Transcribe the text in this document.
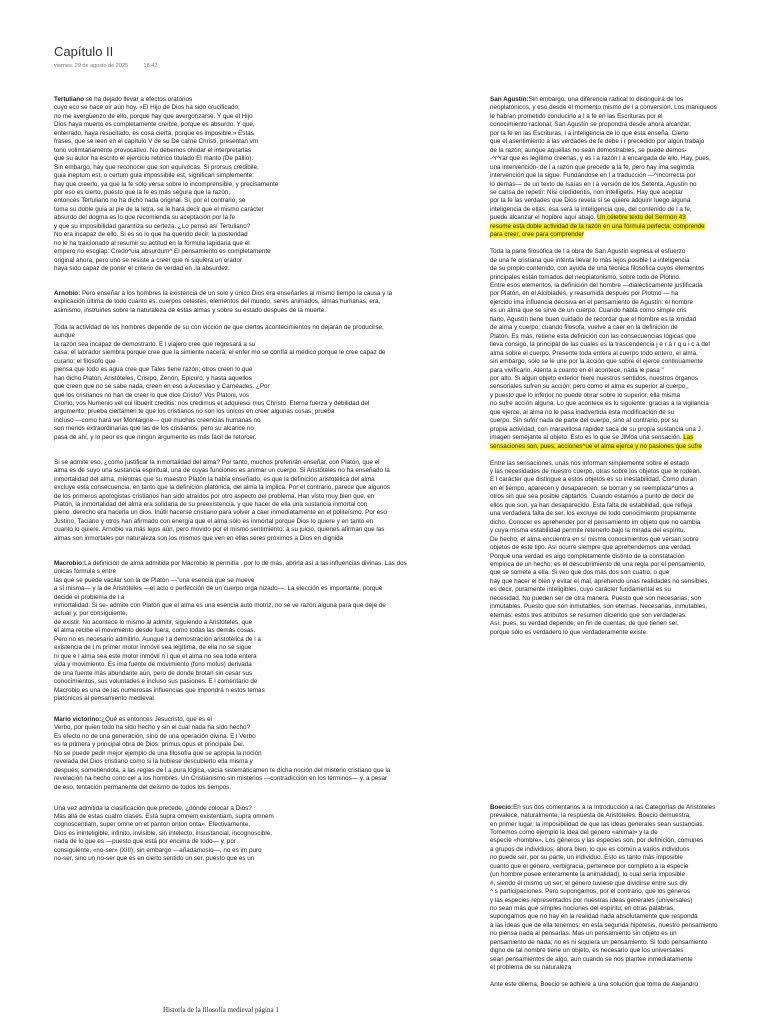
Capítulo II
viernes, 29 de agosto de 2025	18:42

Tertuliano se ha dejado llevar a efectos oratorios

cuyo eco se hace oír aún hoy. «El Hijo de Dios ha sido crucificado;

no me avergüenzo de ello, porque hay que avergonzarse. Y que el Hijo

Dios haya muerto es completamente creíble, porque es absurdo. Y que,

enterrado, haya resucitado, es cosa cierta, porque es imposible.» Estas

frases, que se leen en el capítulo V de su De carne Christi, presentan vm

tono volimtariamente provocativo. No debemos olvidar el interpretarlas

que su autor ha escrito el ejercicio retórico titulado El manto (De pallio).

Sin embargo, hay que reconocer que son equívocas. Si prorsus credibile,

guia ineptum est, o certum guia impossibile est, significan simplemente:

hay que creerlo, ya que la fe sólo versa sobre lo incomprensible, y precisamente

por eso es cierto, puesto que la fe es más segura que la razón,

entonces Tertuliano no ha dicho nada original. Si, por el contrario, se

toma su doble guia al pie de la letra, se le hará decir que el mismo carácter

absurdo del dogma es lo que recomienda su aceptación por la fe

y que su imposibilidad garantiza su certeza. ¿Lo pensó así Tertuliano?

No era incapaz de ello. Si es so lo que ha querido decir, la posteridad

no le ha traicionado al resumir su actitud en la fórmula lapidaria que él

empero no escglap: Credo^uia absurdum^ El pensamiento es completamente

original ahora, pero uno se resiste a creer que ni siquiera un orador

haya sido capaz de poner el criterio de verdad en .la absurdez.

Arnobio: Pero enseñar a los hombres la existencia de un solo y único Dios era enseñarles al mismo tiempo la causa y la

explicación última de todo cuanto es: cuerpos celestes, elementos del mundo, seres animados, almas humanas; era,

asimismo, instruirles sobre la naturaleza de estas almas y sobre su estado después de la muerte.

Toda la actividad de los hombres depende de su con vicción de que ciertos acontecimientos no dejarán de producirse,

aunque

la razón sea incapaz de demostrarlo. E l viajero cree que regresará a su

casa; el labrador siembra porque cree que la simiente nacerá; el enfer mo se confía al médico porque le cree capaz de

curarlo; el filósofo que

piensa que todo es agua cree que Tales tiene razón; otros creen lo que

han dicho Platón, Aristóteles, Crisipo, Zenón, Epicuro, y hasta aquellos

que creen que no se sabe nada, creen en eso a Arcesilao y Carnéades. ¿Por

qué los cristianos no han de creer lo que dice Cristo? Vos Platoni, vos

Cronio, vos Numenio vel cui libuerit creditis: nos credimus et adquiesci mus Christo. Eterna fuerza y debilidad del

argumento; prueba ciertamen te que los cristianos no son los únicos en creer algunas cosas; prueba

incluso —como hará ver Montaigne— que muchas creencias humanas no

son menos extraordinarias que las de los cristianos; pero su alcance no

pasa de ahí, y lo peor es que ningún argumento es más fácil de retorcer.

Si se admite eso, ¿cómo justificar la inmortalidad del alma? Por tanto, muchos preferirán enseñar, con Platón, que el

alma es de suyo una sustancia espiritual, una de cuyas funciones es animar un cuerpo. Si Aristóteles no ha enseñado la

inmortalidad del alma, mientras que su maestro Platón la había enseñado, es que la definición aristotélica del alma

excluye esta consecuencia, en tanto que la definición platónica, del alma la implica. Por el contrario, parece que algunos

de los primeros apologistas cristianos han sido atraídos por otro aspecto del problema. Han visto muy bien que, en

Platón, la inmortalidad del alma era solidaria de su preexistencia, y que hacer de ella una sustancia inmortal con

pleno .derecho era hacerla un dios. Inútil hacerse cristiano para volver a caer inmediatamente en el politeísmo. Por eso

Justino, Taciano y otros han afirmado con energía que el alma sólo es inmortal porque Dios lo quiere y en tanto en

cuanto lo quiere. Arnobio va más lejos aún, pero movido por el mismo sentimiento: a su juicio, quienes afirman que las

almas son inmortales por naturaleza son los mismos que ven en ellas seres próximos a Dios en dignida

Macrobio:La definición de alma admitida por Macrobio le permitía , por lo de más, abrirla así a las influencias divinas. Las dos

únicas fórmula s entre

las que se puede vacilar son la de Platón —"una esencia que se mueve

a sí misma— y la de Aristóteles —el acto o perfección de un cuerpo orga nizado—. La elección es importante, porque

decide el problema de l a

inmortalidad. Si se- admite con Platón que el alma es una esencia auto motriz, no se ve razón alguna para que deje de

actuar y, por consiguiente,

de existir. No acontece lo mismo al admitir, siguiendo a Aristóteles, que

el alma recibe el movimiento desde fuera, como todas las demás cosas.

Pero no es necesario admitirlo. Aunque l a demostración aristotélica de l a

existencia de l m primer motor inmóvil sea legítima, de ella no se sigue

ni que e l alma sea este motor inmóvil n i que el alma no sea toda entera

vida y movimiento. Es ima fuente de movimiento (fons motus) derivada

de una fuente más abundante aún, pero de donde brotan sin cesar sus

conocimientos, sus voluntades e incluso sus pasiones. E l comentario de

Macrobio es una de las numerosas influencias que impondrá n estos temas

platónicos al pensamiento medieval

Mario victorino:¿Qué es entonces Jesucristo, que es el

Verbo, por quien todo ha sido hecho y sin el cual nada ha sido hecho?

Es efecto no de una generación, sino de una operación divina. E l Verbo

es la primera y principal obra de Dios: primus opus et principale Dei.

No se puede pedir mejor ejemplo de una filosofía que se apropia la noción

revelada del Dios cristiano como si la hubiese descubierto ella misma y

después; sometiéndola, a las reglas de l a pura lógica, vacía sistemáticamen te dicha noción del misterio cristiano que la

revelación ha hecho cono cer a los hombres. Un Cristianismo sin misterios —contradicción en los términos— y, a pesar

de eso, tentación permanente del deísmo de todos los tiempos.

Una vez admitida la clasificación que precede, ¿dónde colocar a Dios?

Más allá de estas cuatro clases. Está supra omnem existentiam, supra omnem

cognoscentiam, super omne on et panton onton onta». Efectivamente,

Dios es ininteligible, infinito, invisible, sin intelecto, insustancial, incognoscible,

nada de lo que es —puesto que está por encima de todo— y, por

consiguiente, «no-ser» (XIII); sin embargo —añadámoslo—, no es im puro

no-ser, sino un no-ser que es en cierto sentido un ser, puesto que es un

San Agustín:Sin embargo, una diferencia radical lo distinguirá de los

neoplatónicos, y eso desde el momento mismo de l a conversión. Los maniqueos

le habían prometido conducirlo a l a fe en las Escrituras por el

conocimiento racional; San Agustín se propondrá desde ahora alcanzar,

por la fe en las Escrituras, l a inteligencia de lo que ésta enseña. Cierto

que el asentimiento a las verdades de fe debe i r precedido por algún trabajo

de la razón; aunque aquéllas no sean demostrables, se puede demos-

-^r^rar que es legítimo creerlas, y es l a razón l a encargada de ello. Hay, pues,

una intervención- de l a razón que precede a la fe, pero hay ima segimda

intervención que la sigue. Fundándose en l a traducción —^incorrecta por

lo demás— de un texto de Isaías en l a versión de los Setenta, Agustín no

se cansa de repetir: Nisi credideritis, non intelligetis. Hay que aceptar

por la fe las verdades que Dios revela si se quiere adquirir luego alguna

inteligencia de ellas; ésa será la inteligencia que, del contenido de l a fe,

puede alcanzar el hopibre aquí abajo. Un célebre texto del Sermón 43

resume esta doble actividad de la razón en una fórmula perfecta: comprende

para creer, cree para comprender

Toda la parte filosófica de l a obra de San Agustín expresa el esfuerzo

de una fe cristiana que intenta llevar lo más lejos posible l a inteligencia

de su propio contenido, con ayuda de una técnica filosófica cuyos elementos

principales están tomados del neoplatonismo, sobre todo de Plotino.

Entre esos elementos, la definición del hombre —dialécticamente justificada

por Platón, en el Alcibiades, y reasumida después por Plotmo — ha

ejercido ima influencia decisiva en el pensamiento de Agustín: el hombre

es un alma que se sirve de un cuerpo. Cuando habla como simple cris

tiano, Agustín tiene buen cuidado de recordar que el hombre es la xmidad

de alma y cuerpo; cuando filosofa, vuelve a caer en la definición de

Platón. Es más, retiene esta definición con las consecuencias lógicas que

lleva consigo, la principal de las cuales es la trascendencia j e r á r q u i c a del

alma sobre el cuerpo. Presente toda entera al cuerpo todo entero, el alma,

sin embargo, sólo se le une por la acción que sobre él ejerce continuamente

para vivificarlo. Atenta a cuanto en él acontece, nada le pasa "

por alto. Si algún objeto exterior hiere nuestros sentidos, nuestros órganos

sensoriales sufren su acción; pero como el alma es superior al cuerpo,,

y puesto que lo inferior no puede obrar sobre lo superior, ella misma

no sufre acción alguna. Lo que acontece es lo siguiente: gracias a la vigilancia

que ejerce, al alma no le pasa inadvertida esta modificación de su

cuerpo. Sin sufrir nada de parte del cuerpo, sino al contrario, por su

propia actividad, con maravillosa rapidez saca de su propia sustancia una J

imagen semejante al objeto. Esto es lo que se JlMoa una sensación. Las

sensaciones son, pues, acciones^ue el alma ejerce y no pasiones que sufre

Entre las sensaciones, unas nos informan simplemente sobre el estado

y las necesidades de nuestro cuerpo, otras sobre los objetos que le rodean.

E l carácter que distingue a estos objetos es su inestabilidad. Como duran

en el tiempo, aparecen y desaparecen, se borran y se reemplaza^unos a

otros sin que sea posible captarlos. Cuando estamos a punto de decir de

ellos que son, ya han desaparecido. Esta falta de estabilidad, que refleja

una verdadera falta de ser, los excluye de todo conocimiento propiamente

dicho. Conocer es aprehender por el pensamiento im objeto que no cambia

y cuya misma estabilidad permite retenerlo bajo la mirada del espíritu.

De hecho, el alma encuentra en sí misma conocimientos que versan sobre

objetos de este tipo. Así ocurre siempre que aprehendemos una verdad.

Porque una verdad es algo completamente distinto de la constatación

empírica de un hecho; es el descubrimiento de una regla por el pensamiento,

que se somete a ella. Si veo que dos más dos son cuatro, o que

hay que hacer el bien y evitar el mal, aprehendo unas realidades no sensibles,

es decir, puramente inteligibles, cuyo carácter fundamental es su

necesidad. No pueden ser de otra manera. Puesto que son necesarias, son

inmutables. Puesto que son inmutables, son eternas. Necesarias, inmutables,

eternas: estos tres atributos se resumen diciendo que son verdaderas.

Así, pues, su verdad depende, en fin de cuentas, de que tienen ser,

porque sólo es verdadero lo que verdaderamente existe.

Boecio:En sus dos comentarios a la Introducción a las Categorías de Aristóteles

prevalece, naturalmente, la respuesta de Aristóteles. Boecio demuestra,

en primer lugar, la imposibilidad de que las ideas generales sean sustancias.

Tomemos como ejemplo la idea del género «animal» y la de

especie «hombre». Los géneros y las especies son, por definición, comunes

a grupos de individuos; ahora bien, lo que es común a varios individuos

no puede ser, por su parte, un individuo. Esto es tanto más imposible

cuanto que el género, verbigracia, pertenece por completo a la especie

(un hombre posee enteramente la animalidad), lo cual sería imposible

#, siendo él mismo un ser, el género tuviese que dividirse entre sus div

^ s participaciones. Pero supongamos, por el contrario, que los géneros

y las especies representados por nuestras ideas generales (universales)

no sean más que simples nociones del espíritu; en otras palabras,

supongamos que no hay en la realidad nada absolutamente que responda

a las ideas que de ella tenemos: en esta segunda hipótesis, nuestro pensamiento

no piensa nada al pensarlas. Mas un pensamiento sin objeto es un

pensamiento de nada; no es ni siquiera un pensamiento. Si todo pensamiento

digno de tal nombre tiene un objeto, es necesario que los universales

sean pensamientos de algo, aun cuando se nos plantee inmediatamente

el problema de su naturaleza

Ante este dilema, Boecio se adhiere a una solución que toma de Alejandro

Historia de la filosofía medieval página 1
